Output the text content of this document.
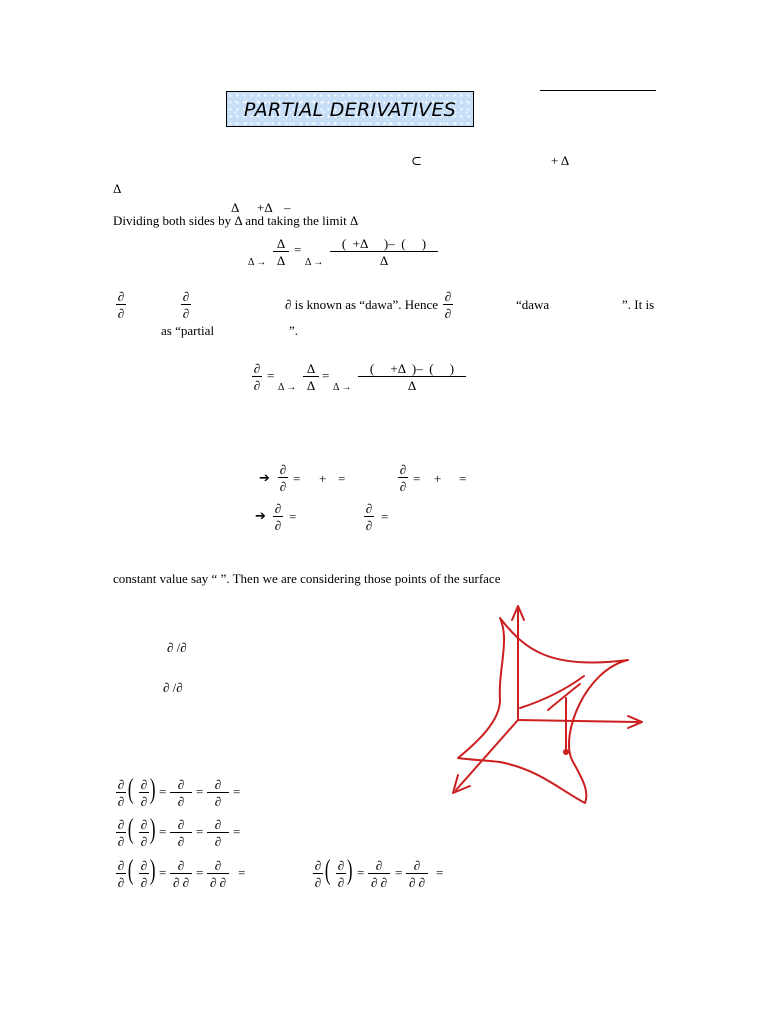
PARTIAL DERIVATIVES
⊂	+ Δ
Δ
Δ +Δ –
Dividing both sides by Δ and taking the limit Δ
Δ
Δ
=
Δ →	Δ →
(  +Δ     )–  (     )
Δ
∂
∂
∂
∂
∂ is known as “dawa”. Hence
∂
∂
“dawa	”. It is
as “partial	”.
∂
∂
=
Δ →
Δ
Δ
=
Δ →
(     +Δ  )–  (     )
Δ
➔
∂
∂
= + =
∂
∂
= + =
➔
∂
∂
=
∂
∂
=
constant value say “ ”. Then we are considering those points of the surface
∂ /∂
∂ /∂
∂
∂ ( ∂
∂ ) = ∂
∂
= ∂
∂
=
∂
∂ ( ∂
∂ ) = ∂
∂
= ∂
∂
=
∂
∂ ( ∂
∂ ) = ∂
∂ ∂
= ∂
∂ ∂
=	∂
∂ ( ∂
∂ ) = ∂
∂ ∂
= ∂
∂ ∂
=
